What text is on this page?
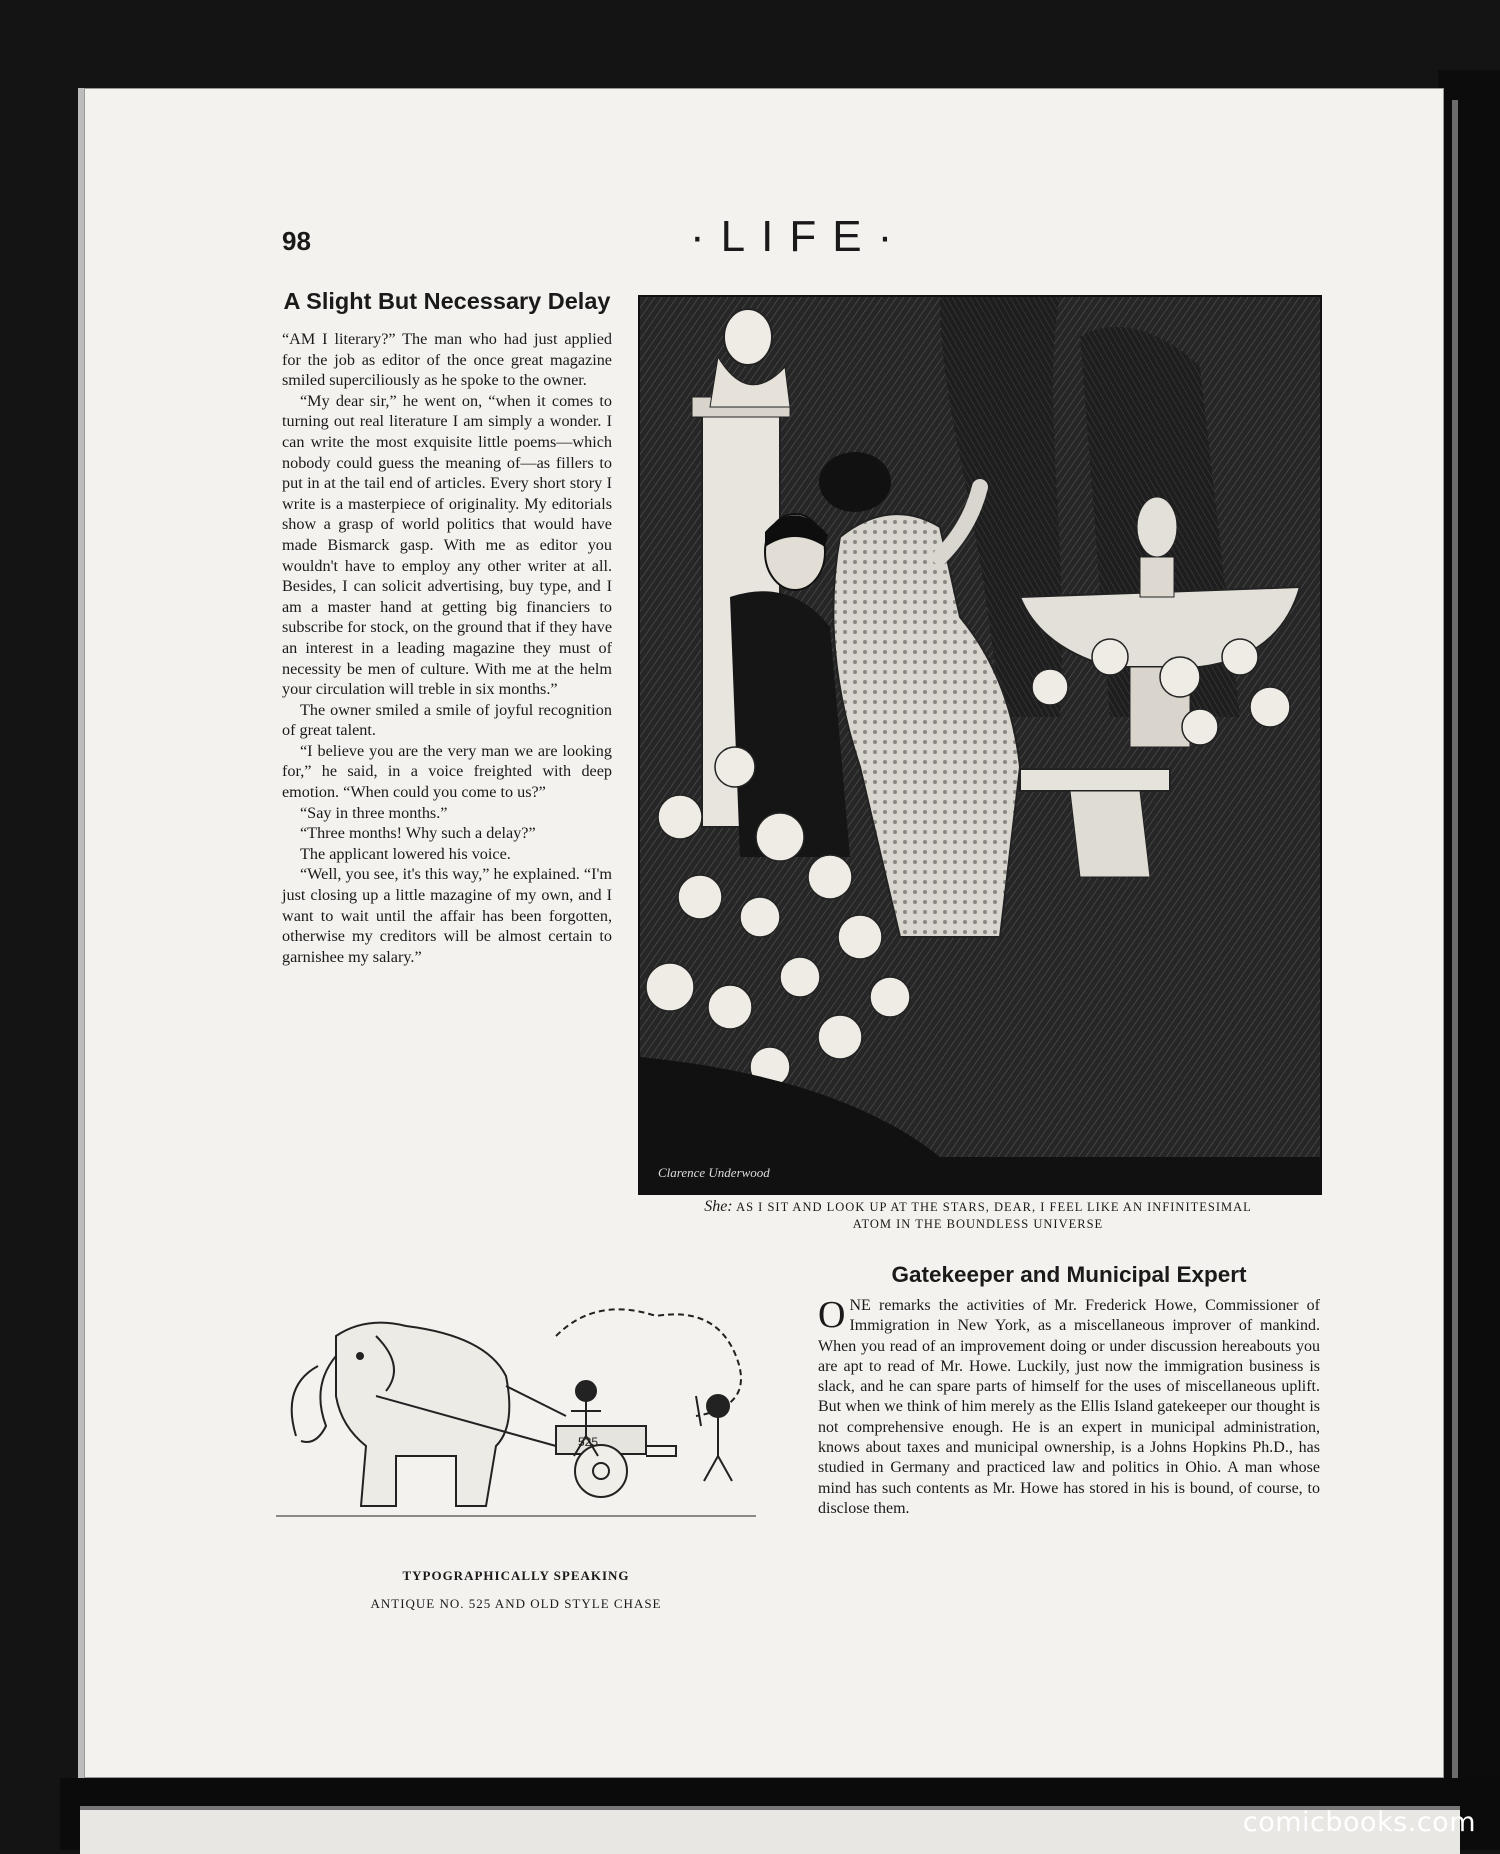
98	·LIFE·
A Slight But Necessary Delay

“AM I literary?” The man who had just applied for the job as editor of the once great magazine smiled superciliously as he spoke to the owner.

“My dear sir,” he went on, “when it comes to turning out real literature I am simply a wonder. I can write the most exquisite little poems—which nobody could guess the meaning of—as fillers to put in at the tail end of articles. Every short story I write is a masterpiece of originality. My editorials show a grasp of world politics that would have made Bismarck gasp. With me as editor you wouldn't have to employ any other writer at all. Besides, I can solicit advertising, buy type, and I am a master hand at getting big financiers to subscribe for stock, on the ground that if they have an interest in a leading magazine they must of necessity be men of culture. With me at the helm your circulation will treble in six months.”

The owner smiled a smile of joyful recognition of great talent.

“I believe you are the very man we are looking for,” he said, in a voice freighted with deep emotion. “When could you come to us?”

“Say in three months.”

“Three months! Why such a delay?”

The applicant lowered his voice.

“Well, you see, it's this way,” he explained. “I'm just closing up a little mazagine of my own, and I want to wait until the affair has been forgotten, otherwise my creditors will be almost certain to garnishee my salary.”

Clarence Underwood
She: AS I SIT AND LOOK UP AT THE STARS, DEAR, I FEEL LIKE AN INFINITESIMAL
ATOM IN THE BOUNDLESS UNIVERSE
525
TYPOGRAPHICALLY SPEAKING
ANTIQUE NO. 525 AND OLD STYLE CHASE
Gatekeeper and Municipal Expert

ONE remarks the activities of Mr. Frederick Howe, Commissioner of Immigration in New York, as a miscellaneous improver of mankind. When you read of an improvement doing or under discussion hereabouts you are apt to read of Mr. Howe. Luckily, just now the immigration business is slack, and he can spare parts of himself for the uses of miscellaneous uplift. But when we think of him merely as the Ellis Island gatekeeper our thought is not comprehensive enough. He is an expert in municipal administration, knows about taxes and municipal ownership, is a Johns Hopkins Ph.D., has studied in Germany and practiced law and politics in Ohio. A man whose mind has such contents as Mr. Howe has stored in his is bound, of course, to disclose them.

comicbooks.com
